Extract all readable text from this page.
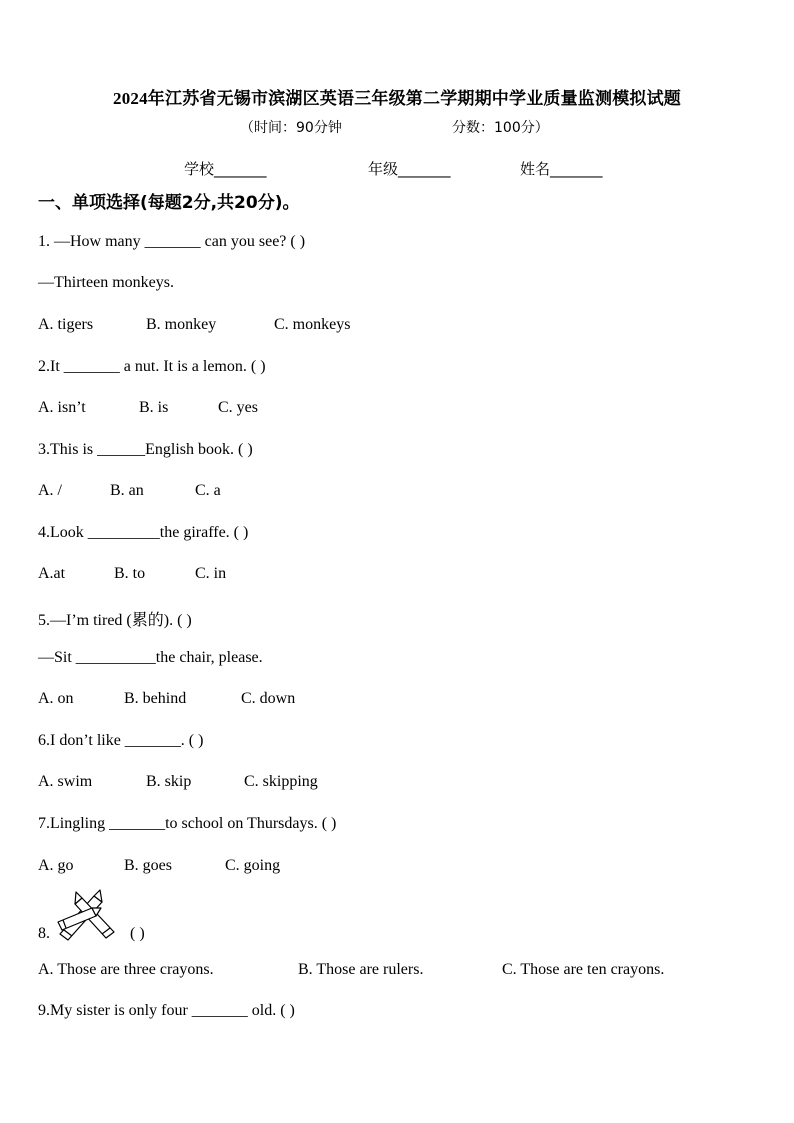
2024年江苏省无锡市滨湖区英语三年级第二学期期中学业质量监测模拟试题
（时间：90分钟	分数：100分）
学校_______	年级_______	姓名_______
一、单项选择(每题2分,共20分)。
1. —How many _______ can you see? ( )
—Thirteen monkeys.
A. tigers	B. monkey	C. monkeys
2.It _______ a nut. It is a lemon. ( )
A. isn’t	B. is	C. yes
3.This is ______English book. ( )
A. /	B. an	C. a
4.Look _________the giraffe. ( )
A.at	B. to	C. in
5.—I’m tired (累的). ( )
—Sit __________the chair, please.
A. on	B. behind	C. down
6.I don’t like _______. ( )
A. swim	B. skip	C. skipping
7.Lingling _______to school on Thursdays. ( )
A. go	B. goes	C. going
8.	( )
A. Those are three crayons.	B. Those are rulers.	C. Those are ten crayons.
9.My sister is only four _______ old. ( )
